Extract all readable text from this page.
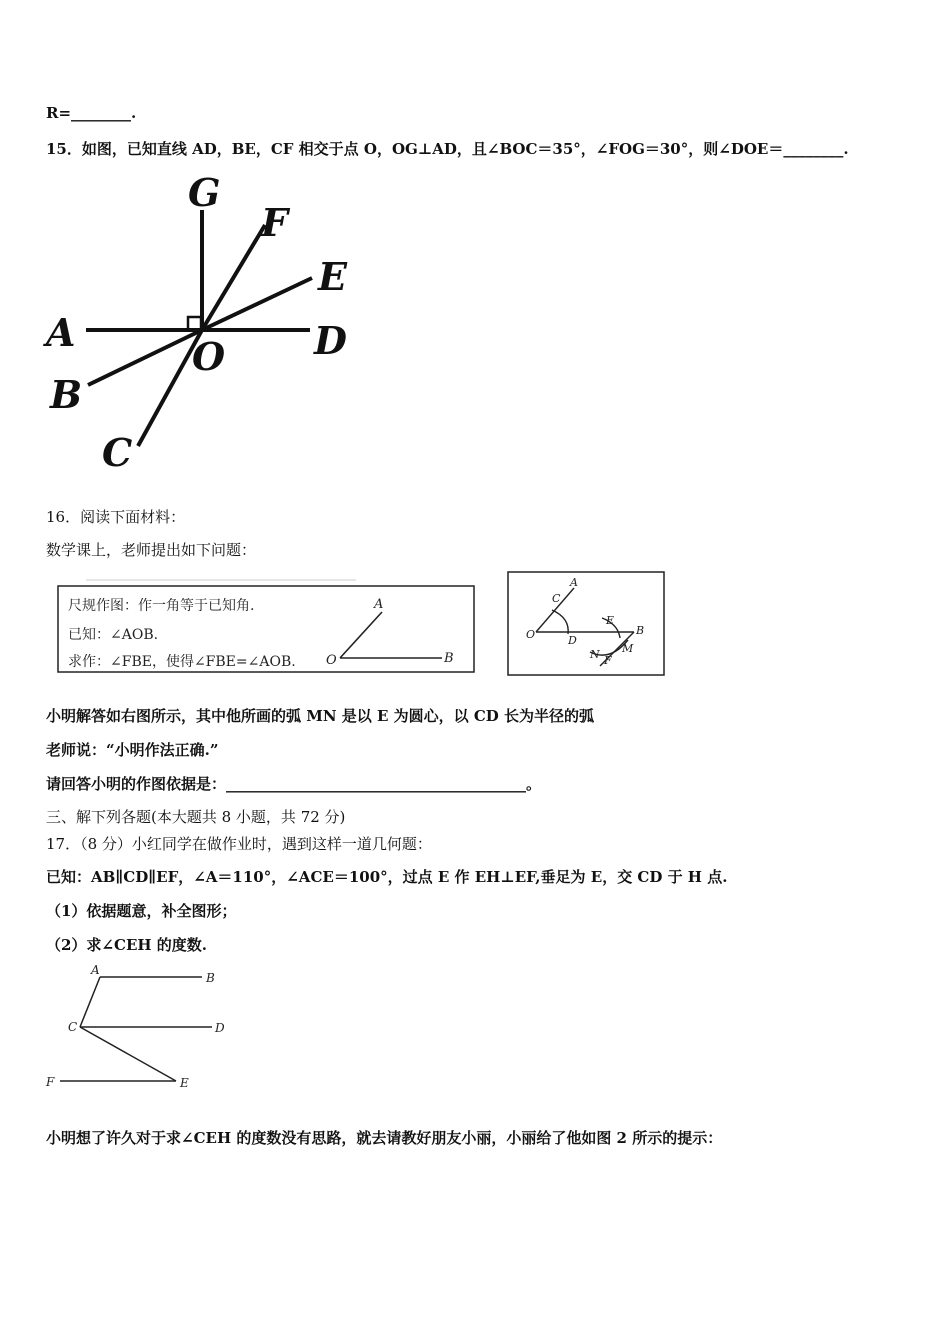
R=________.
15．如图，已知直线 AD，BE，CF 相交于点 O，OG⊥AD，且∠BOC＝35°，∠FOG＝30°，则∠DOE＝________.
G
F
E
A	D
O
B
C
16．阅读下面材料：
数学课上，老师提出如下问题：
尺规作图：作一角等于已知角.
已知：∠AOB.
求作：∠FBE，使得∠FBE=∠AOB.
A
O	B
A
C
O	D
E
B
N M
F
小明解答如右图所示，其中他所画的弧 MN 是以 E 为圆心，以 CD 长为半径的弧
老师说：“小明作法正确.”
请回答小明的作图依据是：________________________________________。
三、解下列各题(本大题共 8 小题，共 72 分)
17．（8 分）小红同学在做作业时，遇到这样一道几何题：
已知：AB∥CD∥EF，∠A＝110°，∠ACE＝100°，过点 E 作 EH⊥EF,垂足为 E，交 CD 于 H 点.
（1）依据题意，补全图形；
（2）求∠CEH 的度数.
A
B
C	D
F	E
小明想了许久对于求∠CEH 的度数没有思路，就去请教好朋友小丽，小丽给了他如图 2 所示的提示：
